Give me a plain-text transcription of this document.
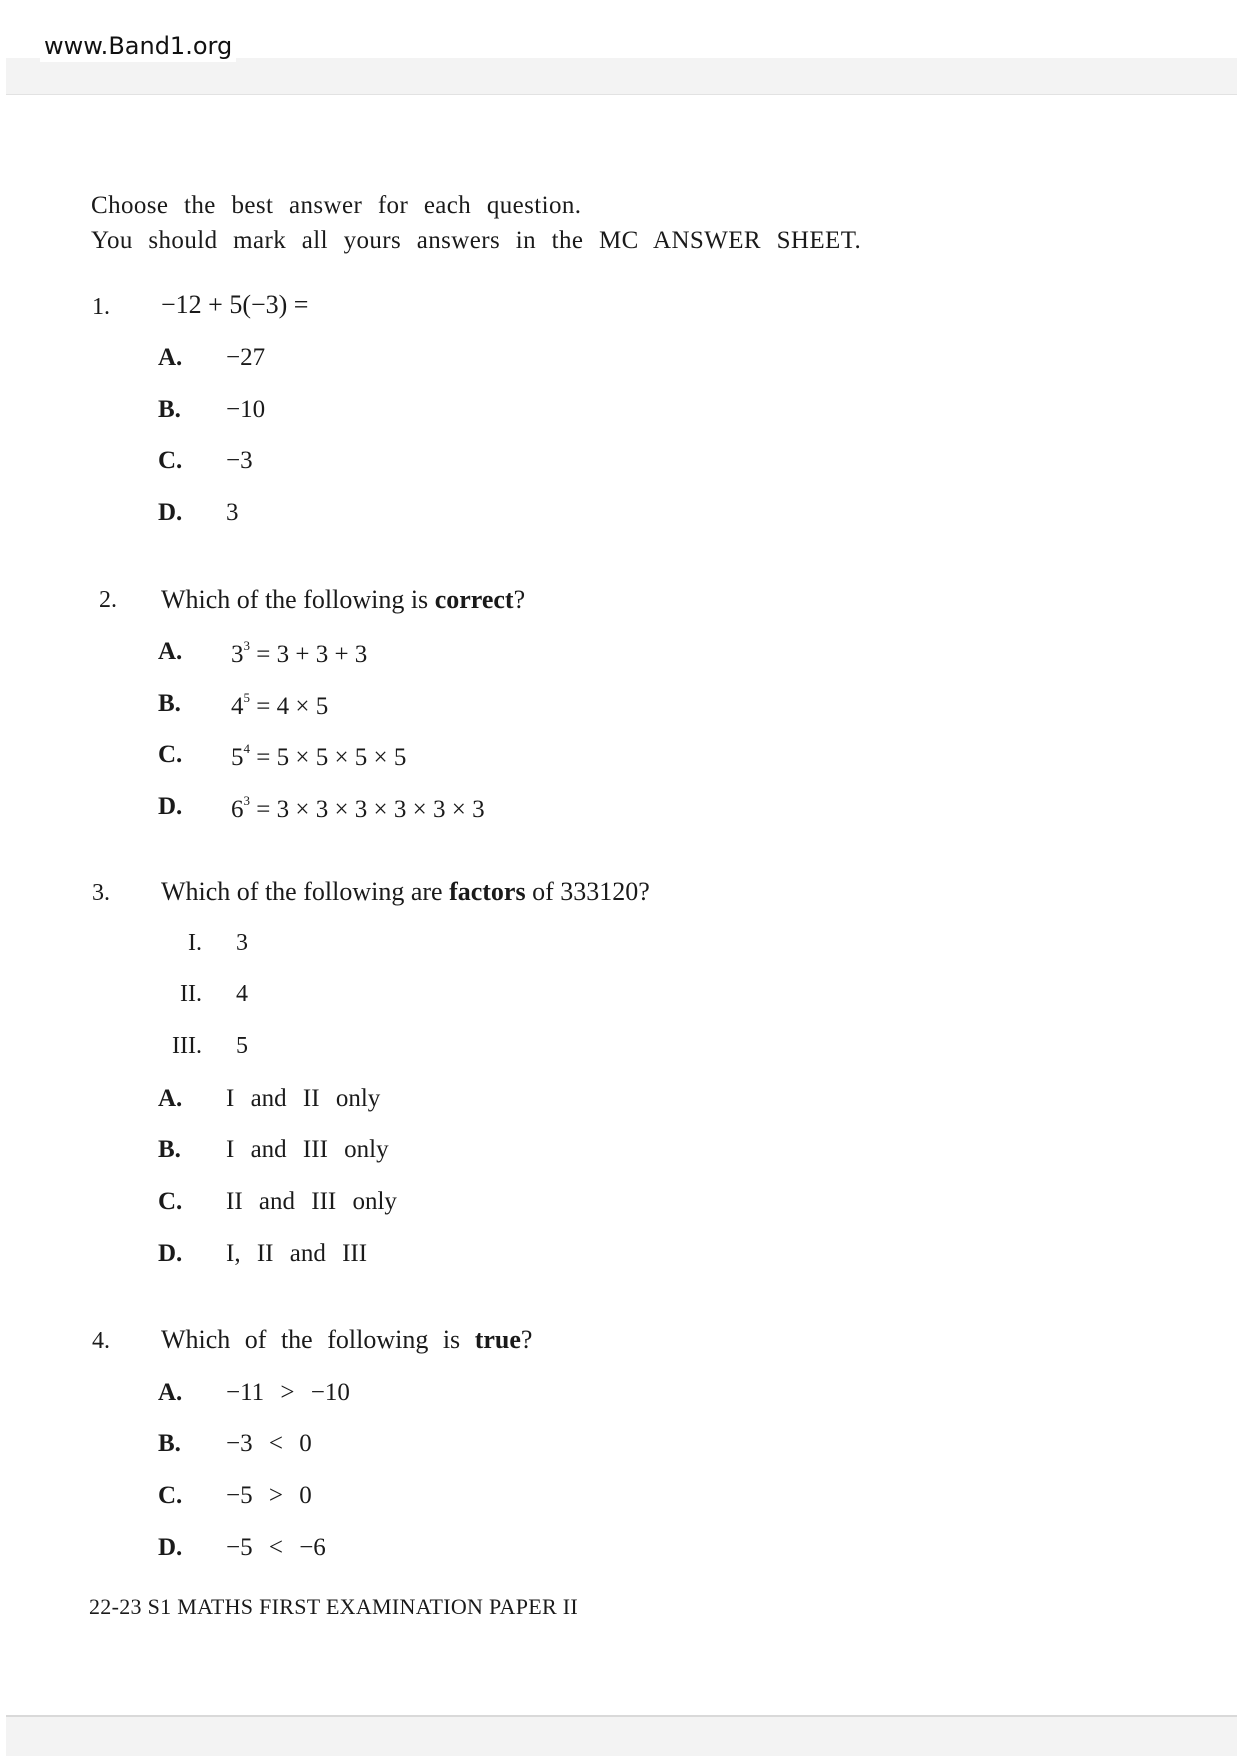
www.Band1.org
Choose the best answer for each question.
You should mark all yours answers in the MC ANSWER SHEET.
1. −12 + 5(−3) =
A. −27
B. −10
C. −3
D. 3
2. Which of the following is correct?
A. $3^3 = 3 + 3 + 3$
B. $4^5 = 4 \times 5$
C. $5^4 = 5 \times 5 \times 5 \times 5$
D. $6^3 = 3 \times 3 \times 3 \times 3 \times 3 \times 3$
3. Which of the following are factors of 333120?
I. 3
II. 4
III. 5
A. I and II only
B. I and III only
C. II and III only
D. I, II and III
4. Which of the following is true?
A. −11 > −10
B. −3 < 0
C. −5 > 0
D. −5 < −6
22-23 S1 MATHS FIRST EXAMINATION PAPER II
